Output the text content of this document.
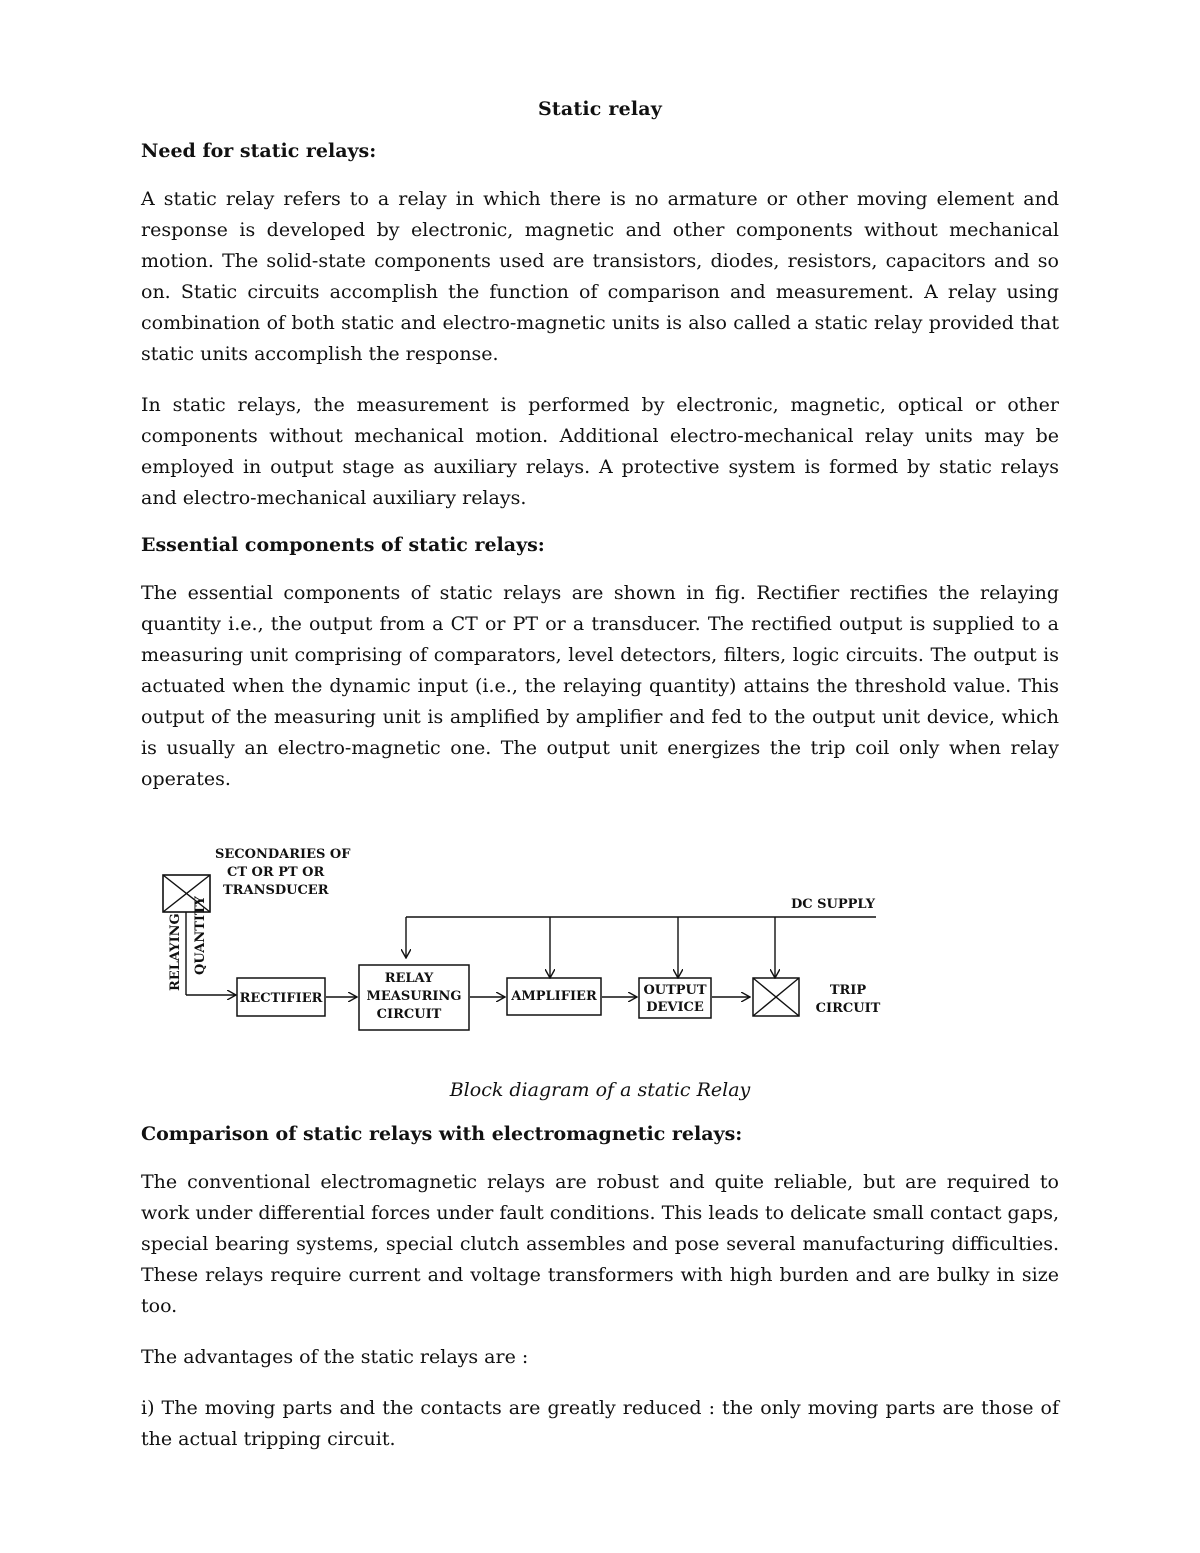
Static relay
Need for static relays:

A static relay refers to a relay in which there is no armature or other moving element and response is developed by electronic, magnetic and other components without mechanical motion. The solid-state components used are transistors, diodes, resistors, capacitors and so on. Static circuits accomplish the function of comparison and measurement. A relay using combination of both static and electro-magnetic units is also called a static relay provided that static units accomplish the response.

In static relays, the measurement is performed by electronic, magnetic, optical or other components without mechanical motion. Additional electro-mechanical relay units may be employed in output stage as auxiliary relays. A protective system is formed by static relays and electro-mechanical auxiliary relays.

Essential components of static relays:

The essential components of static relays are shown in fig. Rectifier rectifies the relaying quantity i.e., the output from a CT or PT or a transducer. The rectified output is supplied to a measuring unit comprising of comparators, level detectors, filters, logic circuits. The output is actuated when the dynamic input (i.e., the relaying quantity) attains the threshold value. This output of the measuring unit is amplified by amplifier and fed to the output unit device, which is usually an electro-magnetic one. The output unit energizes the trip coil only when relay operates.

SECONDARIES OF
CT OR PT OR
TRANSDUCER
RELAYING QUANTITY	DC SUPPLY
RECTIFIER
RELAY
MEASURING
CIRCUIT
AMPLIFIER	OUTPUT
DEVICE
TRIP
CIRCUIT
Block diagram of a static Relay
Comparison of static relays with electromagnetic relays:

The conventional electromagnetic relays are robust and quite reliable, but are required to work under differential forces under fault conditions. This leads to delicate small contact gaps, special bearing systems, special clutch assembles and pose several manufacturing difficulties. These relays require current and voltage transformers with high burden and are bulky in size too.

The advantages of the static relays are :

i) The moving parts and the contacts are greatly reduced : the only moving parts are those of the actual tripping circuit.
